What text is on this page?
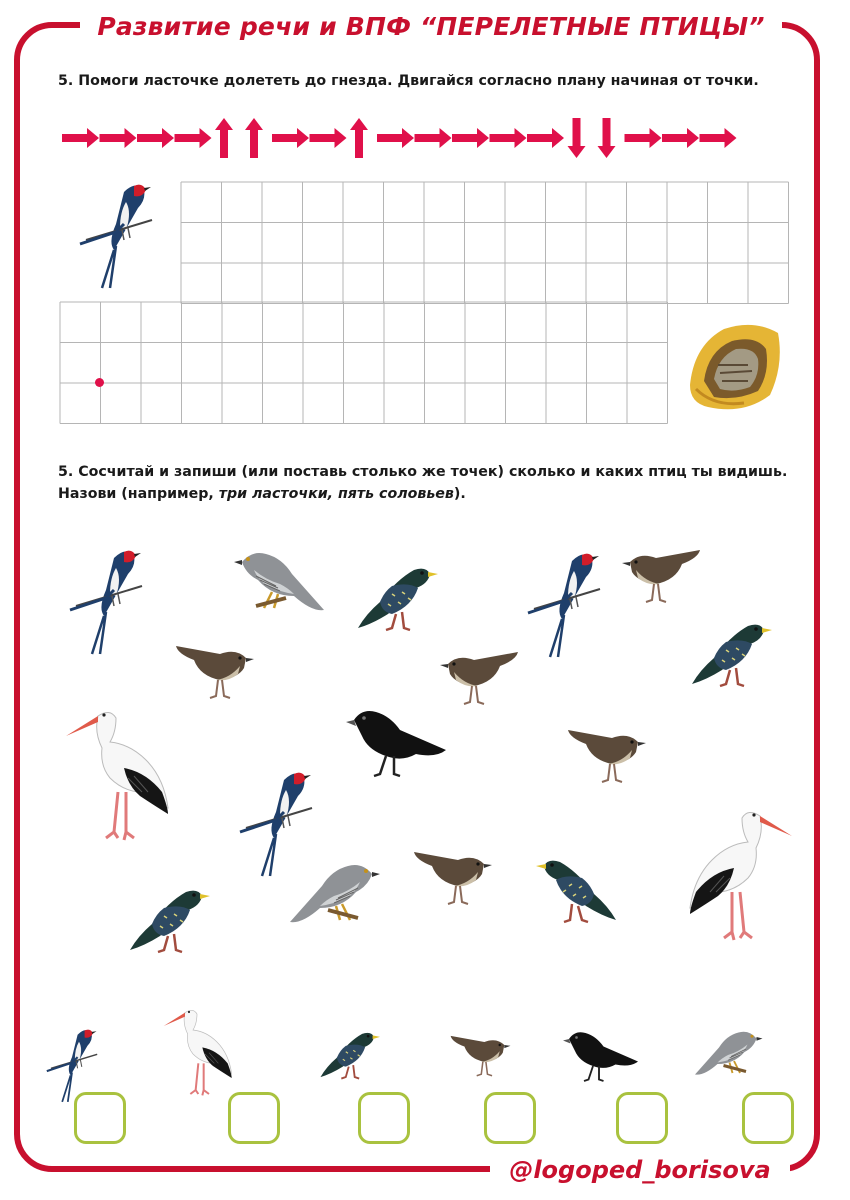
Развитие речи и ВПФ “ПЕРЕЛЕТНЫЕ ПТИЦЫ”
5. Помоги ласточке долететь до гнезда. Двигайся согласно плану начиная от точки.
5. Сосчитай и запиши (или поставь столько же точек) сколько и каких птиц ты видишь.
Назови (например, три ласточки, пять соловьев).
@logoped_borisova
